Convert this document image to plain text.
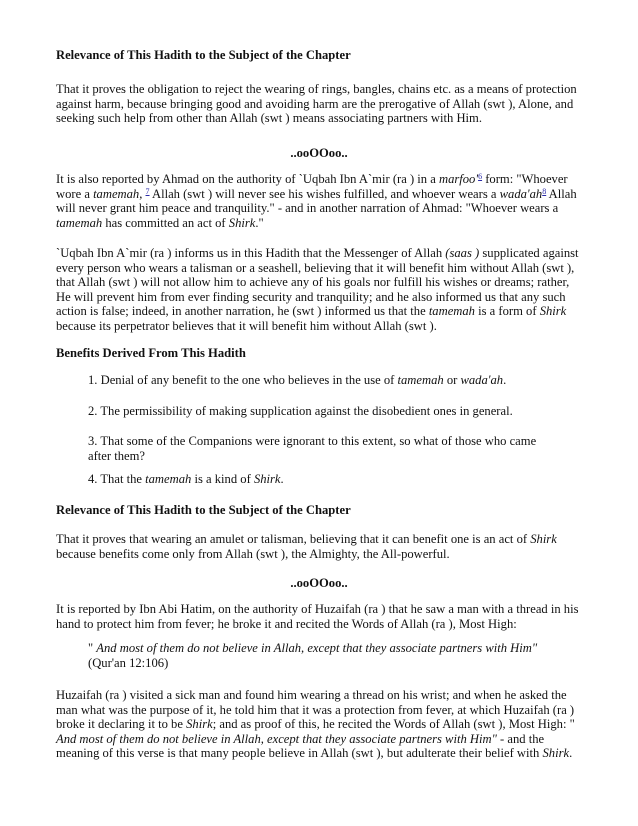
Relevance of This Hadith to the Subject of the Chapter

That it proves the obligation to reject the wearing of rings, bangles, chains etc. as a means of protection against harm, because bringing good and avoiding harm are the prerogative of Allah (swt ), Alone, and seeking such help from other than Allah (swt ) means associating partners with Him.

..ooOOoo..

It is also reported by Ahmad on the authority of `Uqbah Ibn A`mir (ra ) in a marfoo'$^6$ form: "Whoever wore a tamemah, $^7$ Allah (swt ) will never see his wishes fulfilled, and whoever wears a wada'ah$^8$ Allah will never grant him peace and tranquility." - and in another narration of Ahmad: "Whoever wears a tamemah has committed an act of Shirk."

`Uqbah Ibn A`mir (ra ) informs us in this Hadith that the Messenger of Allah (saas ) supplicated against every person who wears a talisman or a seashell, believing that it will benefit him without Allah (swt ), that Allah (swt ) will not allow him to achieve any of his goals nor fulfill his wishes or dreams; rather, He will prevent him from ever finding security and tranquility; and he also informed us that any such action is false; indeed, in another narration, he (swt ) informed us that the tamemah is a form of Shirk because its perpetrator believes that it will benefit him without Allah (swt ).

Benefits Derived From This Hadith

1. Denial of any benefit to the one who believes in the use of tamemah or wada'ah.

2. The permissibility of making supplication against the disobedient ones in general.

3. That some of the Companions were ignorant to this extent, so what of those who came after them?

4. That the tamemah is a kind of Shirk.

Relevance of This Hadith to the Subject of the Chapter

That it proves that wearing an amulet or talisman, believing that it can benefit one is an act of Shirk because benefits come only from Allah (swt ), the Almighty, the All-powerful.

..ooOOoo..

It is reported by Ibn Abi Hatim, on the authority of Huzaifah (ra ) that he saw a man with a thread in his hand to protect him from fever; he broke it and recited the Words of Allah (ra ), Most High:

" And most of them do not believe in Allah, except that they associate partners with Him" (Qur'an 12:106)

Huzaifah (ra ) visited a sick man and found him wearing a thread on his wrist; and when he asked the man what was the purpose of it, he told him that it was a protection from fever, at which Huzaifah (ra ) broke it declaring it to be Shirk; and as proof of this, he recited the Words of Allah (swt ), Most High: " And most of them do not believe in Allah, except that they associate partners with Him" - and the meaning of this verse is that many people believe in Allah (swt ), but adulterate their belief with Shirk.
